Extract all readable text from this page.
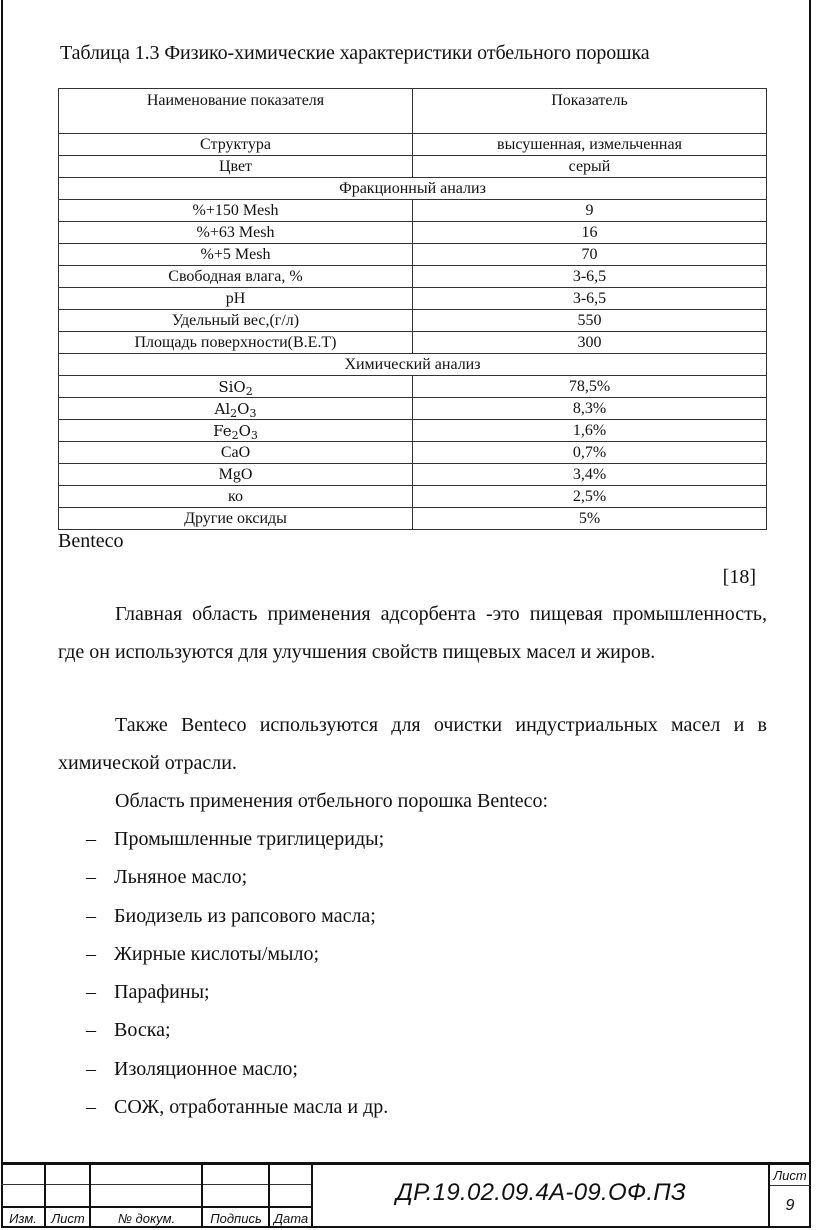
Таблица 1.3 Физико-химические характеристики отбельного порошка
Наименование показателя	Показатель
Структура	высушенная, измельченная
Цвет	серый
Фракционный анализ	
%+150 Mesh	9
%+63 Mesh	16
%+5 Mesh	70
Свободная влага, %	3-6,5
pH	3-6,5
Удельный вес,(г/л)	550
Площадь поверхности(B.E.T)	300
Химический анализ	
SiO$_2$	78,5%
$Al_2O_3$	8,3%
$Fe_2O_3$	1,6%
CaO	0,7%
MgO	3,4%
ко	2,5%
Другие оксиды	5%
Benteco
[18]

Главная область применения адсорбента -это пищевая промышленность, где он используются для улучшения свойств пищевых масел и жиров.

Также Benteco используются для очистки индустриальных масел и в химической отрасли.

Область применения отбельного порошка Benteco:

– Промышленные триглицериды;
– Льняное масло;
– Биодизель из рапсового масла;
– Жирные кислоты/мыло;
– Парафины;
– Воска;
– Изоляционное масло;
– СОЖ, отработанные масла и др.
Изм.	Лист	№ докум.	Подпись Дата
ДР.19.02.09.4А-09.ОФ.ПЗ
Лист
9
